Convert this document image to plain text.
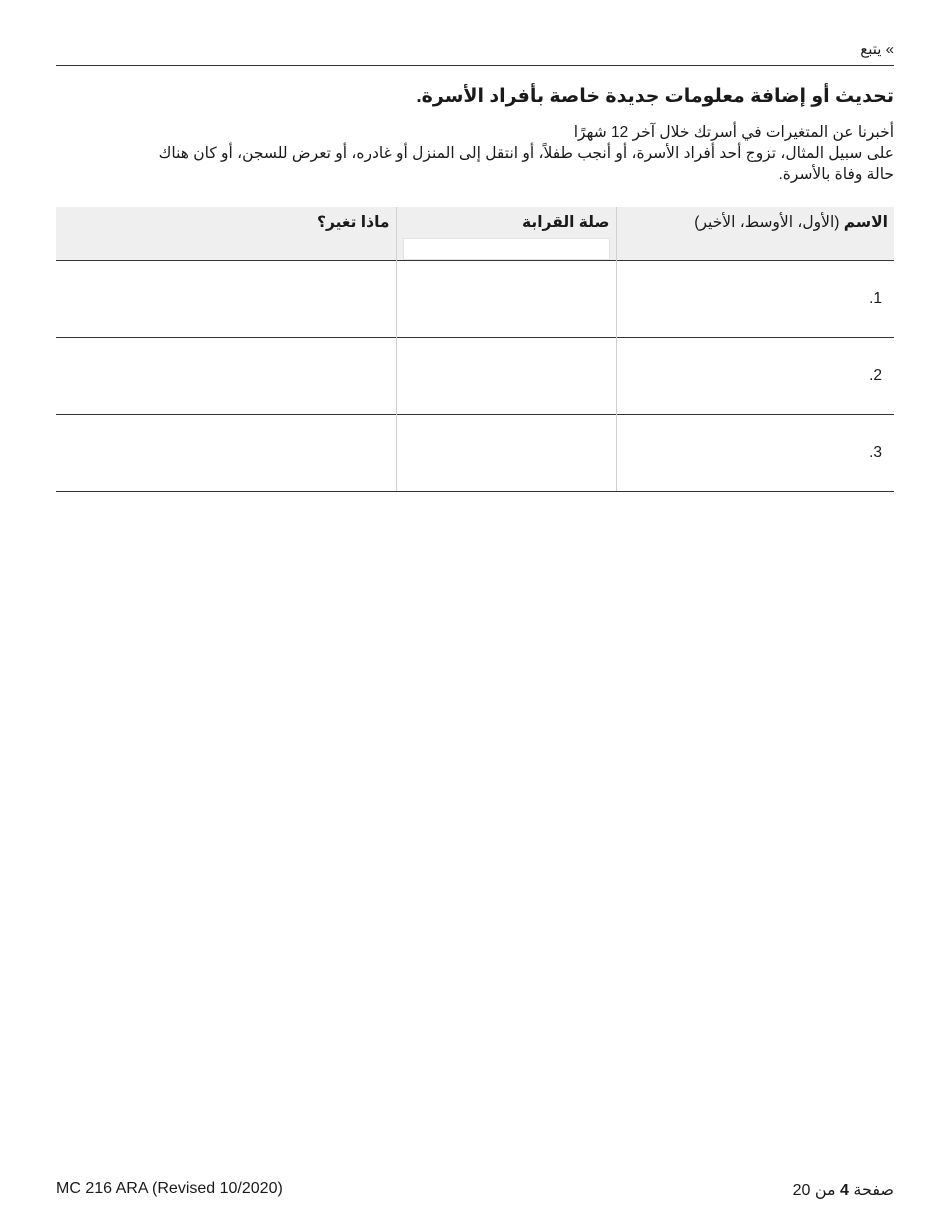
» يتبع
تحديث أو إضافة معلومات جديدة خاصة بأفراد الأسرة.
أخبرنا عن المتغيرات في أسرتك خلال آخر 12 شهرًا
على سبيل المثال، تزوج أحد أفراد الأسرة، أو أنجب طفلاً، أو انتقل إلى المنزل أو غادره، أو تعرض للسجن، أو كان هناك
حالة وفاة بالأسرة.
الاسم (الأول، الأوسط، الأخير)	صلة القرابة	ماذا تغير؟

1.		
2.		
3.		
MC 216 ARA (Revised 10/2020)	صفحة 4 من 20
